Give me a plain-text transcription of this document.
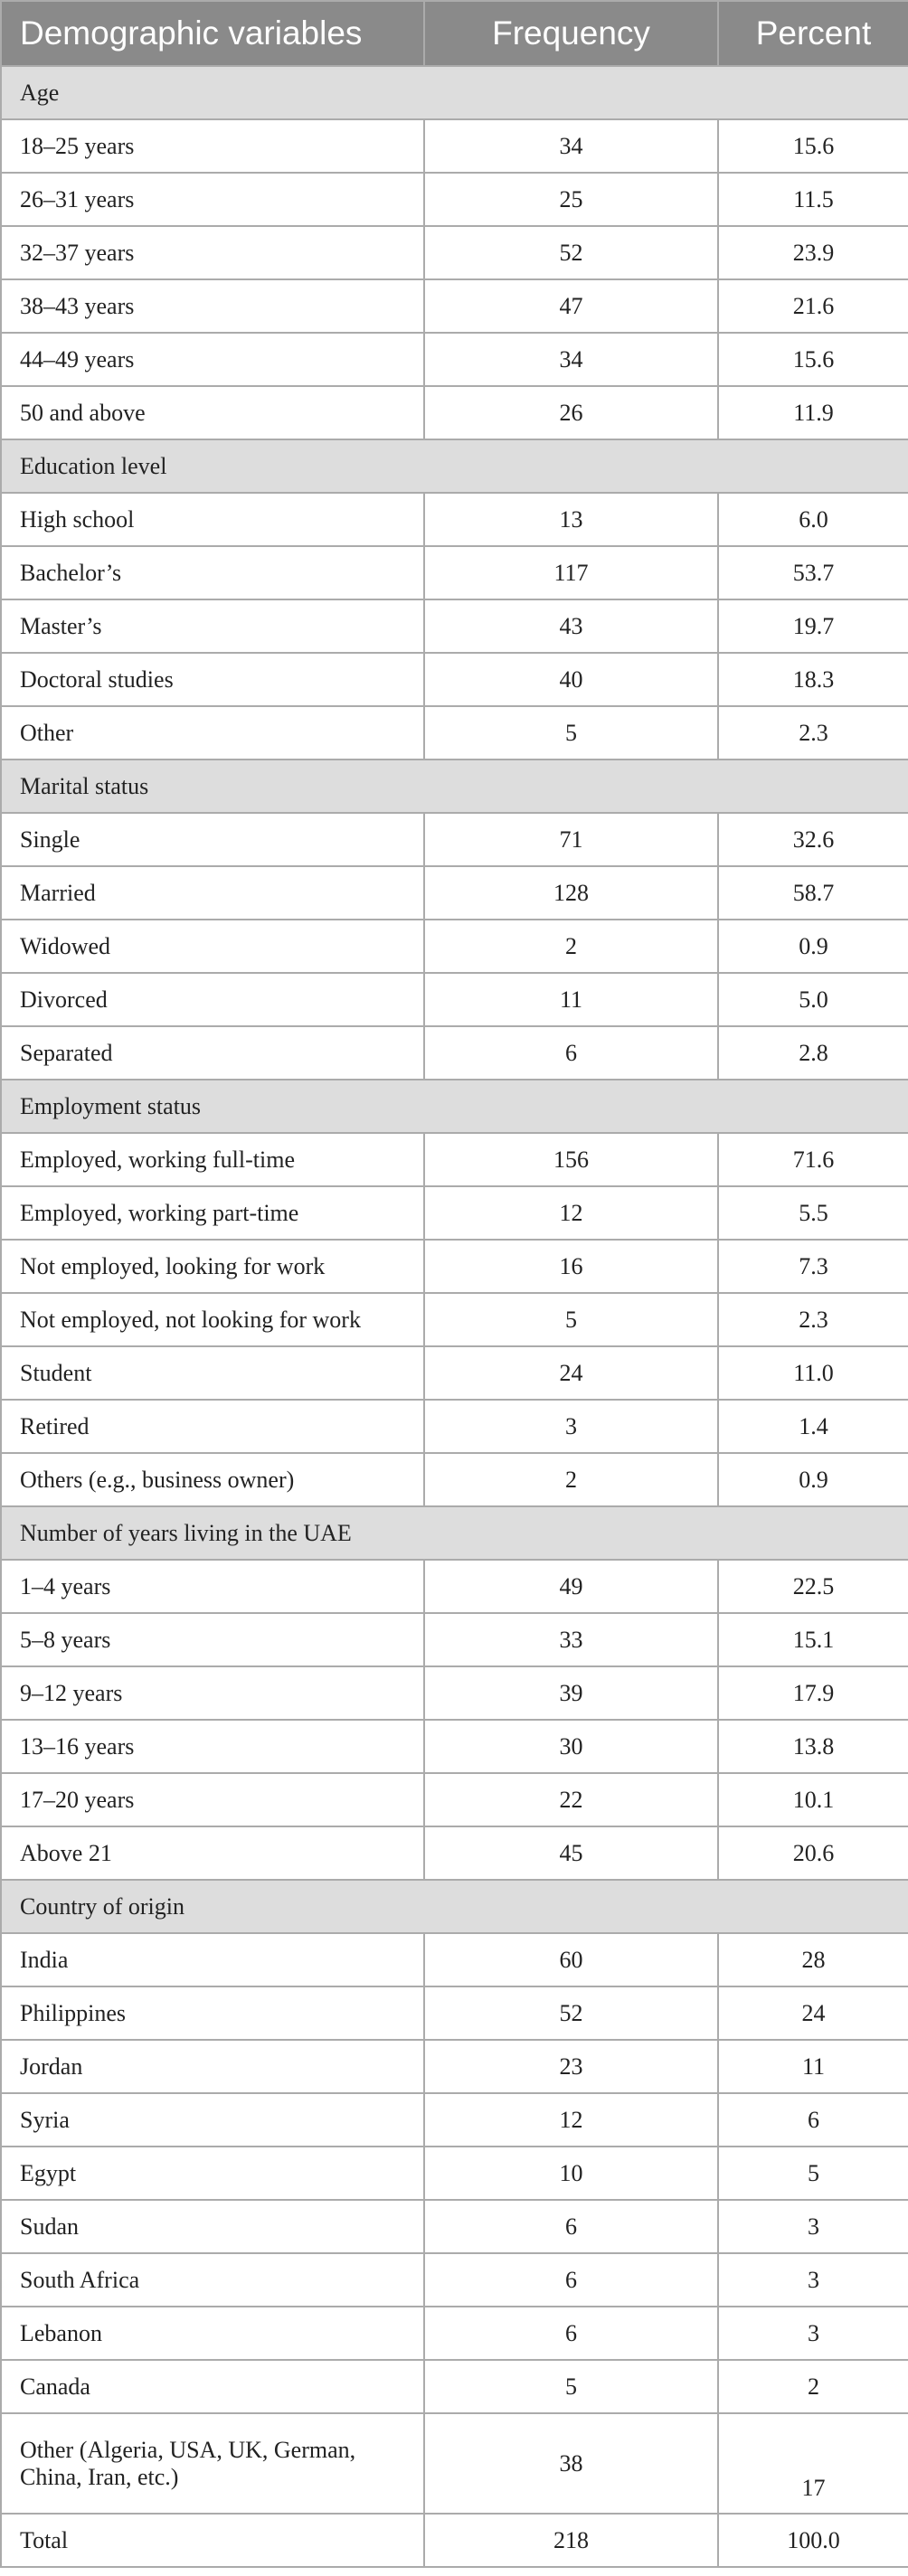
Demographic variables	Frequency	Percent
Age		
18–25 years	34	15.6
26–31 years	25	11.5
32–37 years	52	23.9
38–43 years	47	21.6
44–49 years	34	15.6
50 and above	26	11.9
Education level		
High school	13	6.0
Bachelor’s	117	53.7
Master’s	43	19.7
Doctoral studies	40	18.3
Other	5	2.3
Marital status		
Single	71	32.6
Married	128	58.7
Widowed	2	0.9
Divorced	11	5.0
Separated	6	2.8
Employment status		
Employed, working full-time	156	71.6
Employed, working part-time	12	5.5
Not employed, looking for work	16	7.3
Not employed, not looking for work	5	2.3
Student	24	11.0
Retired	3	1.4
Others (e.g., business owner)	2	0.9
Number of years living in the UAE		
1–4 years	49	22.5
5–8 years	33	15.1
9–12 years	39	17.9
13–16 years	30	13.8
17–20 years	22	10.1
Above 21	45	20.6
Country of origin		
India	60	28
Philippines	52	24
Jordan	23	11
Syria	12	6
Egypt	10	5
Sudan	6	3
South Africa	6	3
Lebanon	6	3
Canada	5	2
Other (Algeria, USA, UK, German, China, Iran, etc.)	38	17
Total	218	100.0
